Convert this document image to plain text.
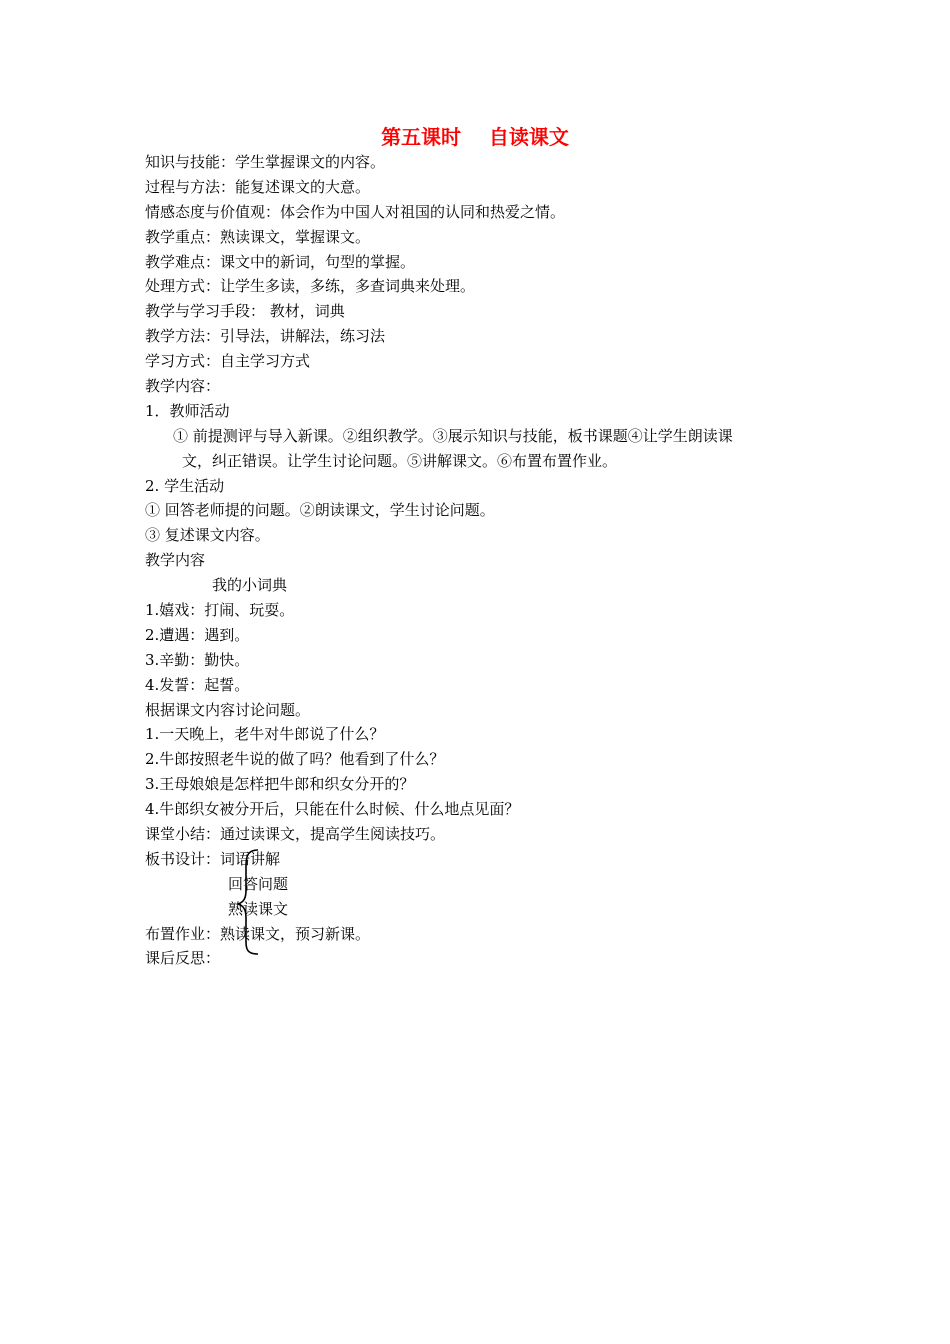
第五课时    自读课文
知识与技能：学生掌握课文的内容。
过程与方法：能复述课文的大意。
情感态度与价值观：体会作为中国人对祖国的认同和热爱之情。
教学重点：熟读课文，掌握课文。
教学难点：课文中的新词，句型的掌握。
处理方式：让学生多读，多练，多查词典来处理。
教学与学习手段： 教材，词典
教学方法：引导法，讲解法，练习法
学习方式：自主学习方式
教学内容：
1．教师活动
① 前提测评与导入新课。②组织教学。③展示知识与技能，板书课题④让学生朗读课
文，纠正错误。让学生讨论问题。⑤讲解课文。⑥布置布置作业。
2. 学生活动
① 回答老师提的问题。②朗读课文，学生讨论问题。
③ 复述课文内容。
教学内容
我的小词典
1.嬉戏：打闹、玩耍。
2.遭遇：遇到。
3.辛勤：勤快。
4.发誓：起誓。
根据课文内容讨论问题。
1.一天晚上，老牛对牛郎说了什么？
2.牛郎按照老牛说的做了吗？他看到了什么？
3.王母娘娘是怎样把牛郎和织女分开的？
4.牛郎织女被分开后，只能在什么时候、什么地点见面？
课堂小结：通过读课文，提高学生阅读技巧。
板书设计：词语讲解
回答问题
熟读课文
布置作业：熟读课文，预习新课。
课后反思：
